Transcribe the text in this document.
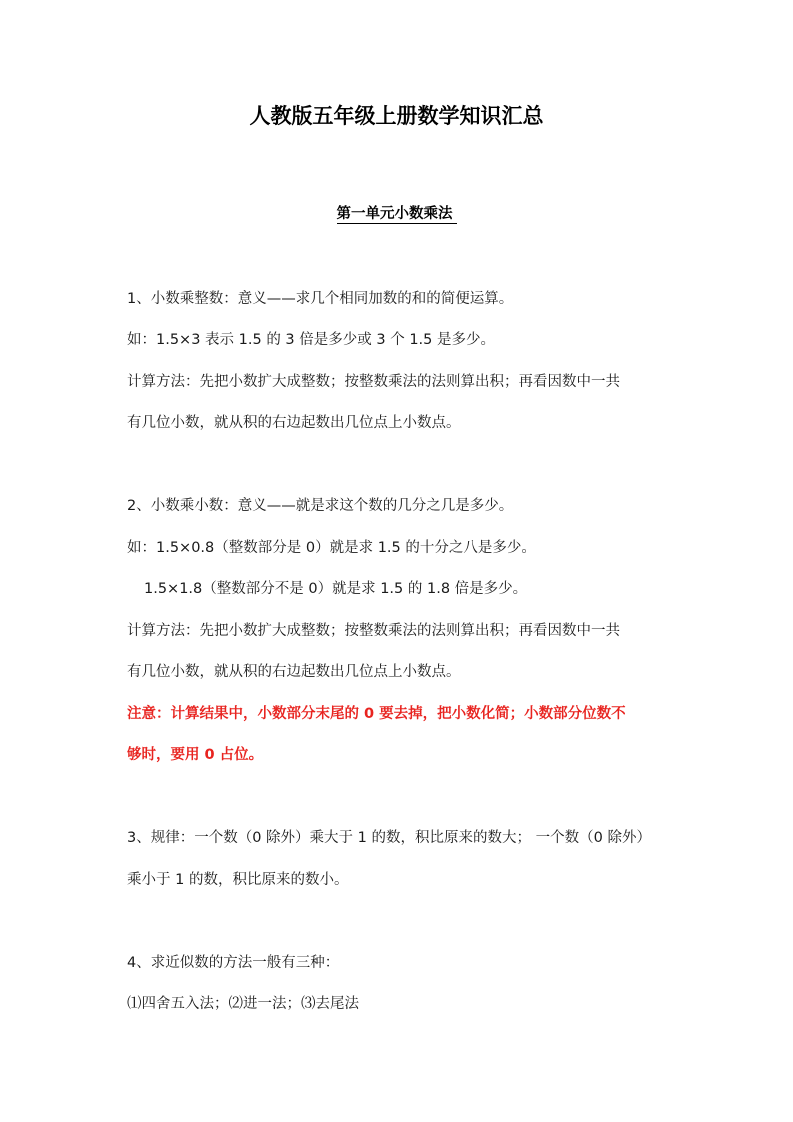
人教版五年级上册数学知识汇总
第一单元小数乘法
1、小数乘整数：意义——求几个相同加数的和的简便运算。
如：1.5×3 表示 1.5 的 3 倍是多少或 3 个 1.5 是多少。
计算方法：先把小数扩大成整数；按整数乘法的法则算出积；再看因数中一共
有几位小数，就从积的右边起数出几位点上小数点。
2、小数乘小数：意义——就是求这个数的几分之几是多少。
如：1.5×0.8（整数部分是 0）就是求 1.5 的十分之八是多少。
1.5×1.8（整数部分不是 0）就是求 1.5 的 1.8 倍是多少。
计算方法：先把小数扩大成整数；按整数乘法的法则算出积；再看因数中一共
有几位小数，就从积的右边起数出几位点上小数点。
注意：计算结果中，小数部分末尾的 0 要去掉，把小数化简；小数部分位数不
够时，要用 0 占位。
3、规律：一个数（0 除外）乘大于 1 的数，积比原来的数大； 一个数（0 除外）
乘小于 1 的数，积比原来的数小。
4、求近似数的方法一般有三种：
⑴四舍五入法；⑵进一法；⑶去尾法
